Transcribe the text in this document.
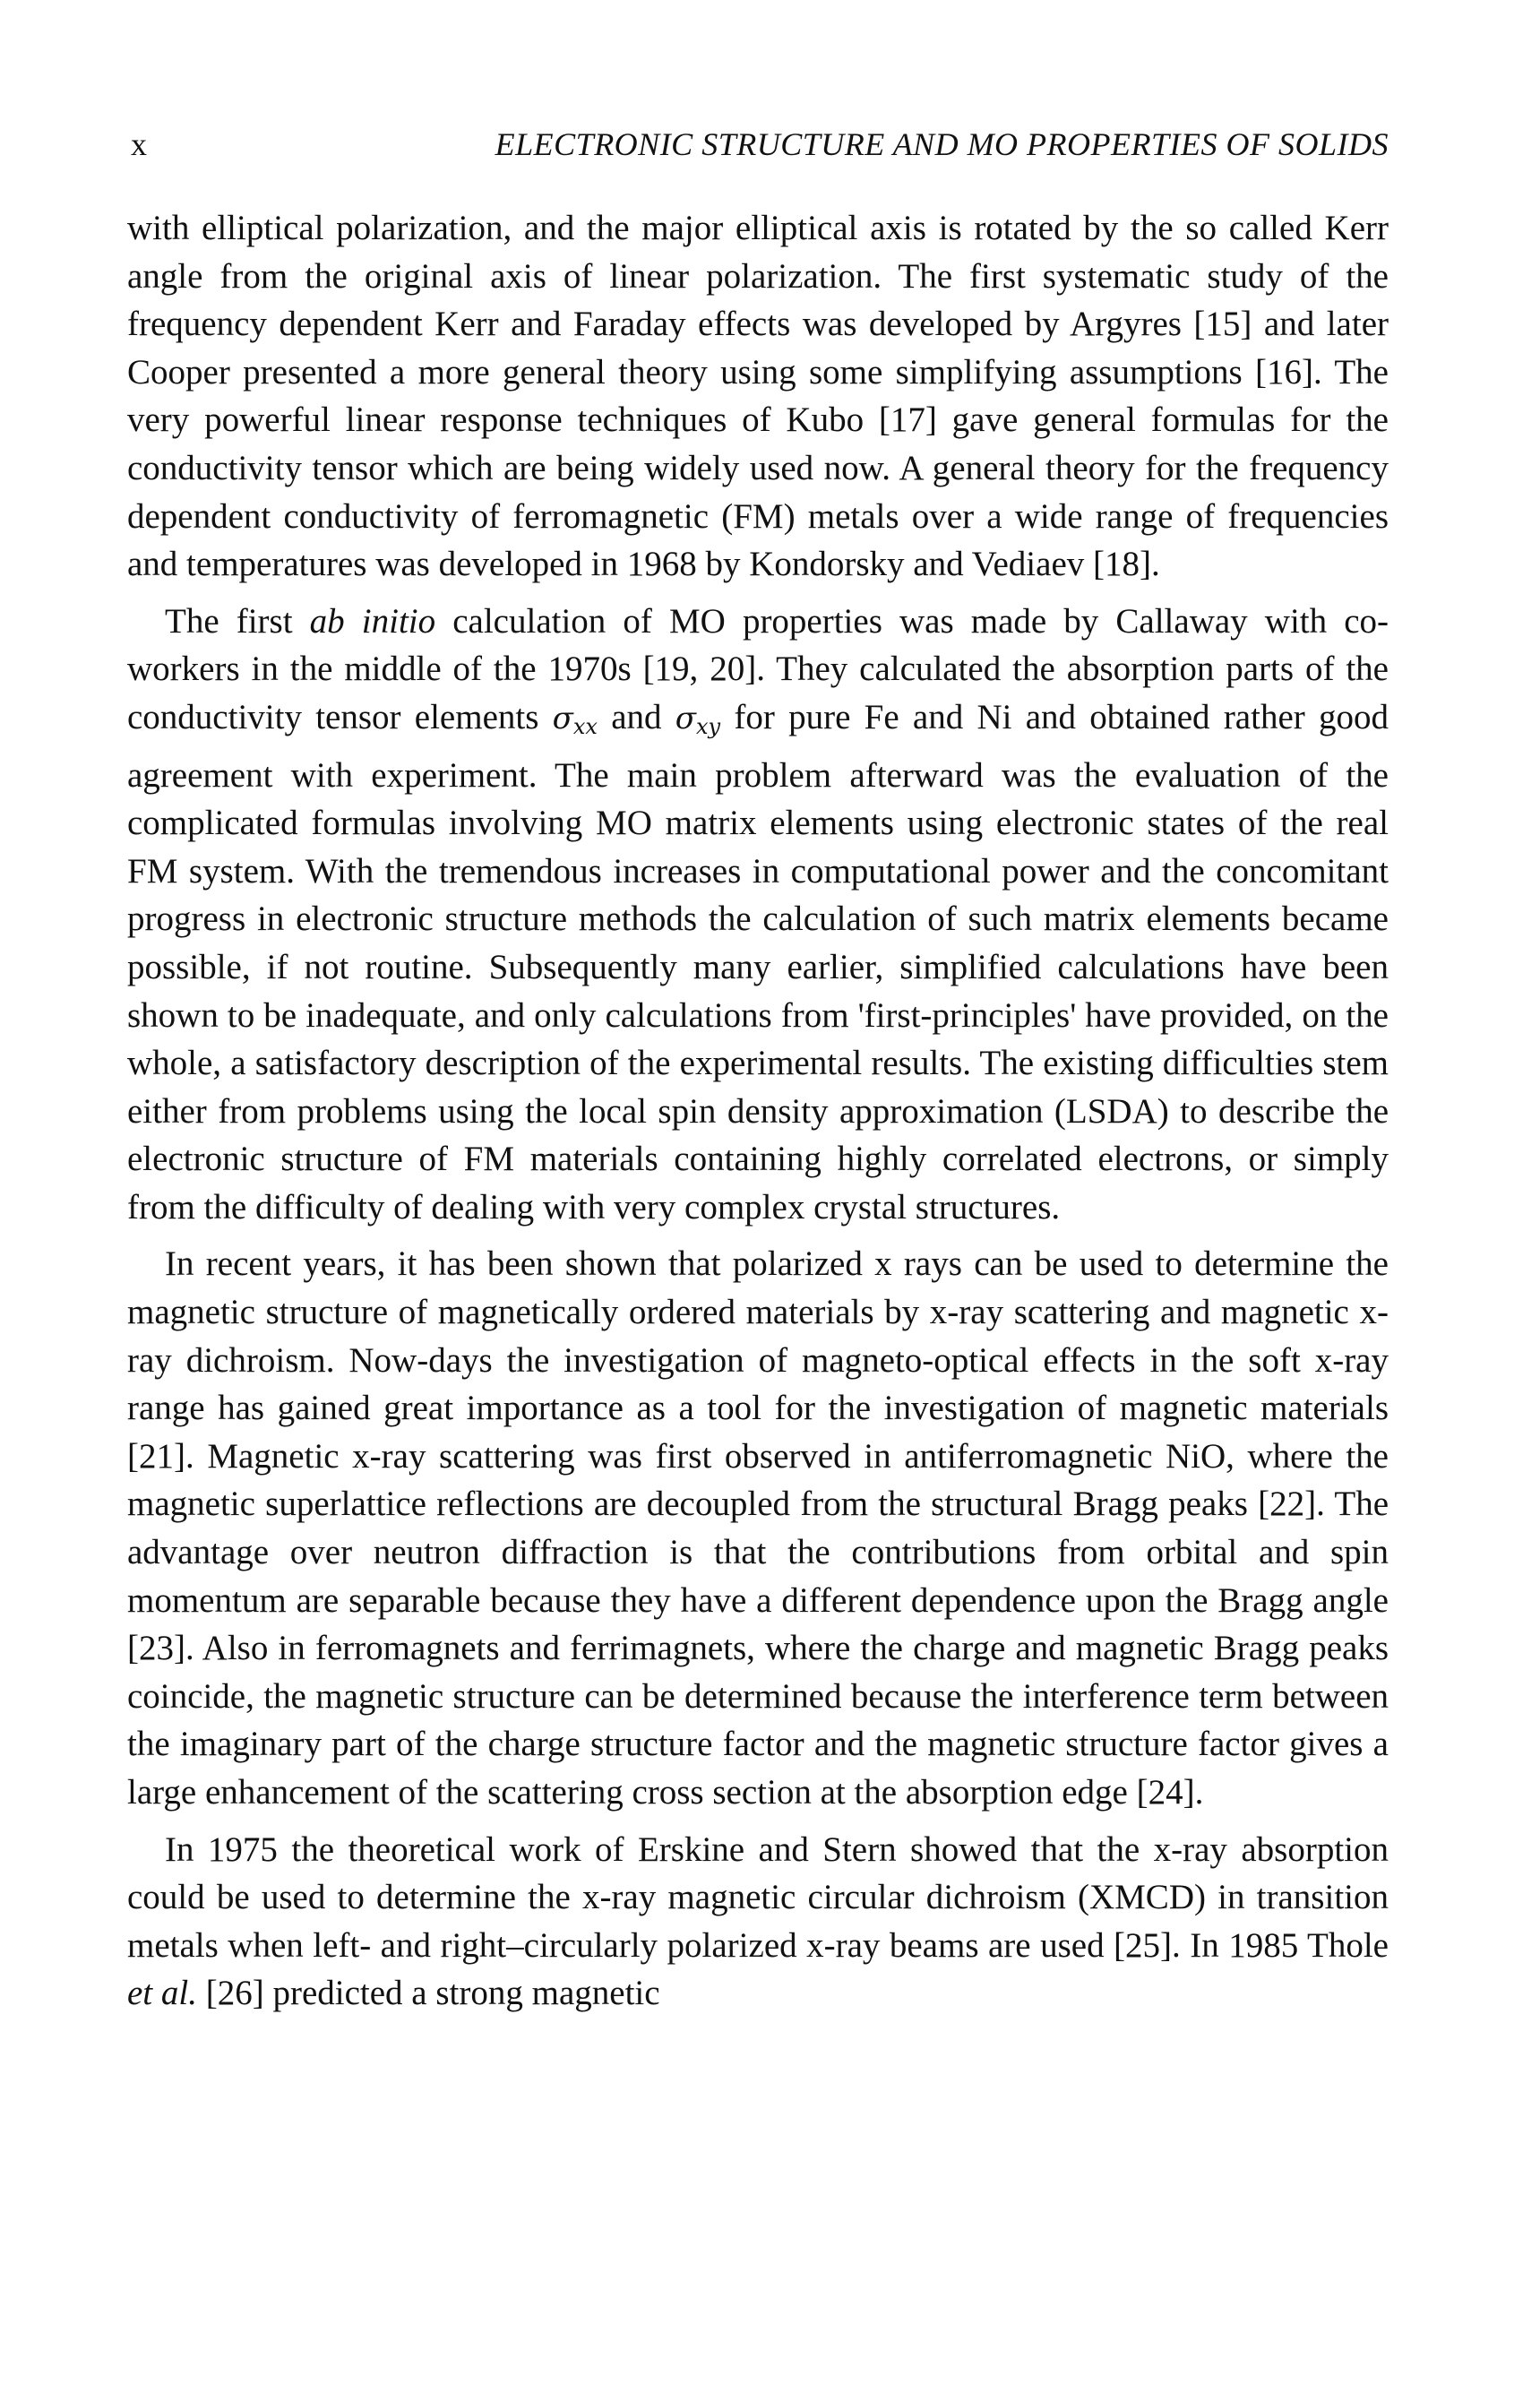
x	ELECTRONIC STRUCTURE AND MO PROPERTIES OF SOLIDS

with elliptical polarization, and the major elliptical axis is rotated by the so called Kerr angle from the original axis of linear polarization. The first systematic study of the frequency dependent Kerr and Faraday effects was developed by Argyres [15] and later Cooper presented a more general theory using some simplifying assumptions [16]. The very powerful linear response techniques of Kubo [17] gave general formulas for the conductivity tensor which are being widely used now. A general theory for the frequency dependent conductivity of ferromagnetic (FM) metals over a wide range of frequencies and temperatures was developed in 1968 by Kondorsky and Vediaev [18].

The first ab initio calculation of MO properties was made by Callaway with co-workers in the middle of the 1970s [19, 20]. They calculated the absorption parts of the conductivity tensor elements $\sigma_{xx}$ and $\sigma_{xy}$ for pure Fe and Ni and obtained rather good agreement with experiment. The main problem afterward was the evaluation of the complicated formulas involving MO matrix elements using electronic states of the real FM system. With the tremendous increases in computational power and the concomitant progress in electronic structure methods the calculation of such matrix elements became possible, if not routine. Subsequently many earlier, simplified calculations have been shown to be inadequate, and only calculations from 'first-principles' have provided, on the whole, a satisfactory description of the experimental results. The existing difficulties stem either from problems using the local spin density approximation (LSDA) to describe the electronic structure of FM materials containing highly correlated electrons, or simply from the difficulty of dealing with very complex crystal structures.

In recent years, it has been shown that polarized x rays can be used to determine the magnetic structure of magnetically ordered materials by x-ray scattering and magnetic x-ray dichroism. Now-days the investigation of magneto-optical effects in the soft x-ray range has gained great importance as a tool for the investigation of magnetic materials [21]. Magnetic x-ray scattering was first observed in antiferromagnetic NiO, where the magnetic superlattice reflections are decoupled from the structural Bragg peaks [22]. The advantage over neutron diffraction is that the contributions from orbital and spin momentum are separable because they have a different dependence upon the Bragg angle [23]. Also in ferromagnets and ferrimagnets, where the charge and magnetic Bragg peaks coincide, the magnetic structure can be determined because the interference term between the imaginary part of the charge structure factor and the magnetic structure factor gives a large enhancement of the scattering cross section at the absorption edge [24].

In 1975 the theoretical work of Erskine and Stern showed that the x-ray absorption could be used to determine the x-ray magnetic circular dichroism (XMCD) in transition metals when left- and right–circularly polarized x-ray beams are used [25]. In 1985 Thole et al. [26] predicted a strong magnetic
